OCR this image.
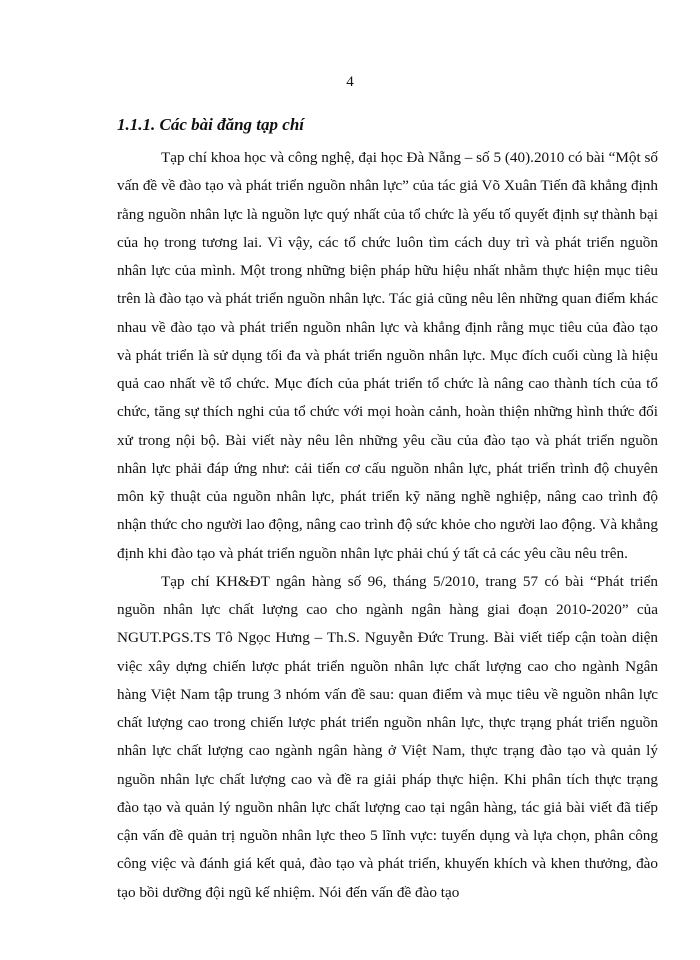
4
1.1.1. Các bài đăng tạp chí

Tạp chí khoa học và công nghệ, đại học Đà Nẵng – số 5 (40).2010 có bài “Một số vấn đề về đào tạo và phát triển nguồn nhân lực” của tác giả Võ Xuân Tiến đã khẳng định rằng nguồn nhân lực là nguồn lực quý nhất của tổ chức là yếu tố quyết định sự thành bại của họ trong tương lai. Vì vậy, các tổ chức luôn tìm cách duy trì và phát triển nguồn nhân lực của mình. Một trong những biện pháp hữu hiệu nhất nhằm thực hiện mục tiêu trên là đào tạo và phát triển nguồn nhân lực. Tác giả cũng nêu lên những quan điểm khác nhau về đào tạo và phát triển nguồn nhân lực và khẳng định rằng mục tiêu của đào tạo và phát triển là sử dụng tối đa và phát triển nguồn nhân lực. Mục đích cuối cùng là hiệu quả cao nhất về tổ chức. Mục đích của phát triển tổ chức là nâng cao thành tích của tổ chức, tăng sự thích nghi của tổ chức với mọi hoàn cảnh, hoàn thiện những hình thức đối xử trong nội bộ. Bài viết này nêu lên những yêu cầu của đào tạo và phát triển nguồn nhân lực phải đáp ứng như: cải tiến cơ cấu nguồn nhân lực, phát triển trình độ chuyên môn kỹ thuật của nguồn nhân lực, phát triển kỹ năng nghề nghiệp, nâng cao trình độ nhận thức cho người lao động, nâng cao trình độ sức khỏe cho người lao động. Và khẳng định khi đào tạo và phát triển nguồn nhân lực phải chú ý tất cả các yêu cầu nêu trên.

Tạp chí KH&ĐT ngân hàng số 96, tháng 5/2010, trang 57 có bài “Phát triển nguồn nhân lực chất lượng cao cho ngành ngân hàng giai đoạn 2010-2020” của NGUT.PGS.TS Tô Ngọc Hưng – Th.S. Nguyễn Đức Trung. Bài viết tiếp cận toàn diện việc xây dựng chiến lược phát triển nguồn nhân lực chất lượng cao cho ngành Ngân hàng Việt Nam tập trung 3 nhóm vấn đề sau: quan điểm và mục tiêu về nguồn nhân lực chất lượng cao trong chiến lược phát triển nguồn nhân lực, thực trạng phát triển nguồn nhân lực chất lượng cao ngành ngân hàng ở Việt Nam, thực trạng đào tạo và quản lý nguồn nhân lực chất lượng cao và đề ra giải pháp thực hiện. Khi phân tích thực trạng đào tạo và quản lý nguồn nhân lực chất lượng cao tại ngân hàng, tác giả bài viết đã tiếp cận vấn đề quản trị nguồn nhân lực theo 5 lĩnh vực: tuyển dụng và lựa chọn, phân công công việc và đánh giá kết quả, đào tạo và phát triển, khuyến khích và khen thưởng, đào tạo bồi dưỡng đội ngũ kế nhiệm. Nói đến vấn đề đào tạo
